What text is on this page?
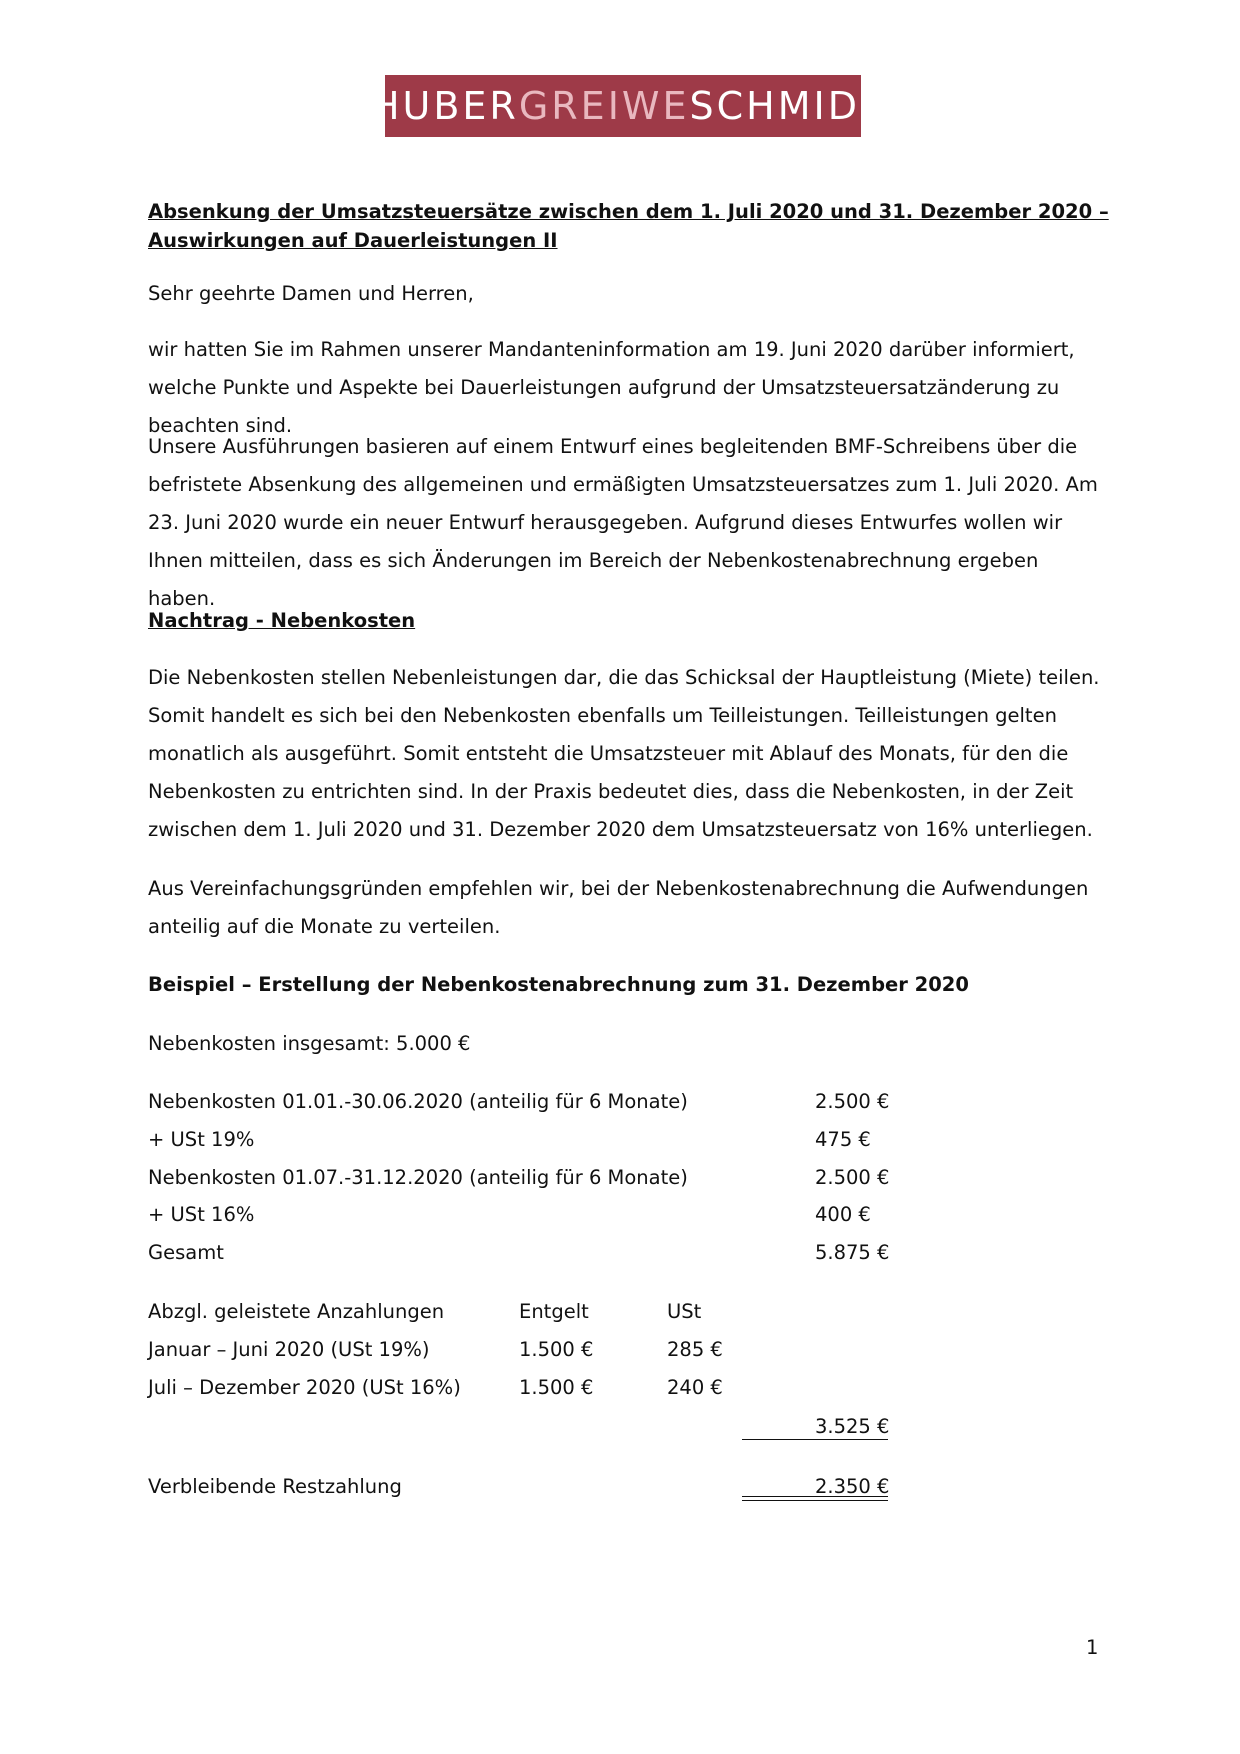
HUBER GREIWE SCHMID .
Absenkung der Umsatzsteuersätze zwischen dem 1. Juli 2020 und 31. Dezember 2020 –
Auswirkungen auf Dauerleistungen II
Sehr geehrte Damen und Herren,
wir hatten Sie im Rahmen unserer Mandanteninformation am 19. Juni 2020 darüber informiert, welche Punkte und Aspekte bei Dauerleistungen aufgrund der Umsatzsteuersatzänderung zu beachten sind.
Unsere Ausführungen basieren auf einem Entwurf eines begleitenden BMF-Schreibens über die befristete Absenkung des allgemeinen und ermäßigten Umsatzsteuersatzes zum 1. Juli 2020. Am 23. Juni 2020 wurde ein neuer Entwurf herausgegeben. Aufgrund dieses Entwurfes wollen wir Ihnen mitteilen, dass es sich Änderungen im Bereich der Nebenkostenabrechnung ergeben haben.
Nachtrag - Nebenkosten
Die Nebenkosten stellen Nebenleistungen dar, die das Schicksal der Hauptleistung (Miete) teilen. Somit handelt es sich bei den Nebenkosten ebenfalls um Teilleistungen. Teilleistungen gelten monatlich als ausgeführt. Somit entsteht die Umsatzsteuer mit Ablauf des Monats, für den die Nebenkosten zu entrichten sind. In der Praxis bedeutet dies, dass die Nebenkosten, in der Zeit zwischen dem 1. Juli 2020 und 31. Dezember 2020 dem Umsatzsteuersatz von 16% unterliegen.
Aus Vereinfachungsgründen empfehlen wir, bei der Nebenkostenabrechnung die Aufwendungen anteilig auf die Monate zu verteilen.
Beispiel – Erstellung der Nebenkostenabrechnung zum 31. Dezember 2020
Nebenkosten insgesamt: 5.000 €
Nebenkosten 01.01.-30.06.2020 (anteilig für 6 Monate)	2.500 €
+ USt 19%	475 €
Nebenkosten 01.07.-31.12.2020 (anteilig für 6 Monate)	2.500 €
+ USt 16%	400 €
Gesamt	5.875 €
Abzgl. geleistete Anzahlungen	Entgelt	USt
Januar – Juni 2020 (USt 19%)	1.500 €	285 €
Juli – Dezember 2020 (USt 16%)	1.500 €	240 €
3.525 €
Verbleibende Restzahlung	2.350 €
1
